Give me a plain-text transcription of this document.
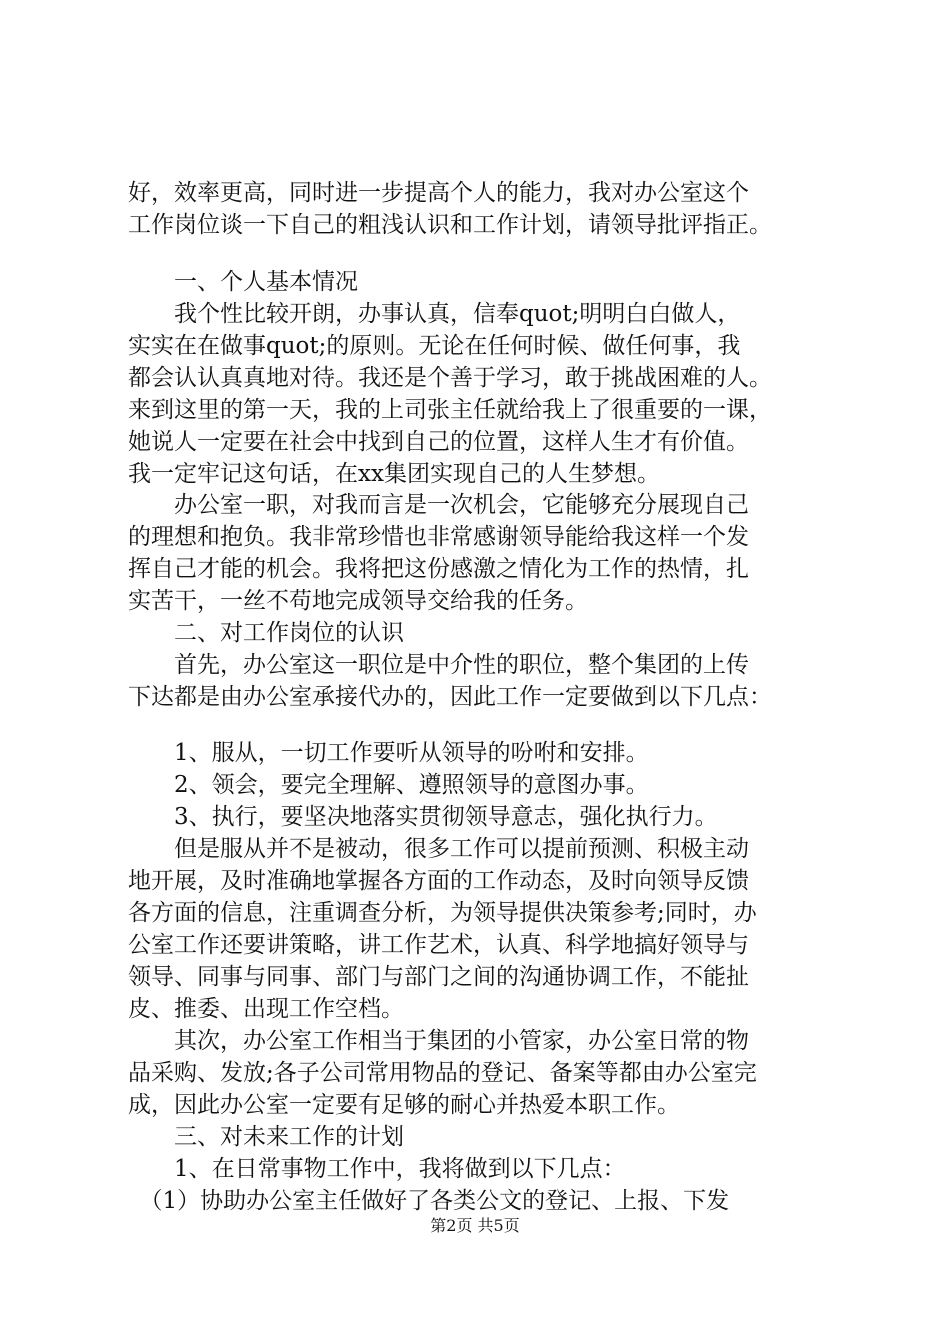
好，效率更高，同时进一步提高个人的能力，我对办公室这个
工作岗位谈一下自己的粗浅认识和工作计划，请领导批评指正。
　　一、个人基本情况
　　我个性比较开朗，办事认真，信奉quot;明明白白做人，
实实在在做事quot;的原则。无论在任何时候、做任何事，我
都会认认真真地对待。我还是个善于学习，敢于挑战困难的人。
来到这里的第一天，我的上司张主任就给我上了很重要的一课，
她说人一定要在社会中找到自己的位置，这样人生才有价值。
我一定牢记这句话，在xx集团实现自己的人生梦想。
　　办公室一职，对我而言是一次机会，它能够充分展现自己
的理想和抱负。我非常珍惜也非常感谢领导能给我这样一个发
挥自己才能的机会。我将把这份感激之情化为工作的热情，扎
实苦干，一丝不苟地完成领导交给我的任务。
　　二、对工作岗位的认识
　　首先，办公室这一职位是中介性的职位，整个集团的上传
下达都是由办公室承接代办的，因此工作一定要做到以下几点：
　　1、服从，一切工作要听从领导的吩咐和安排。
　　2、领会，要完全理解、遵照领导的意图办事。
　　3、执行，要坚决地落实贯彻领导意志，强化执行力。
　　但是服从并不是被动，很多工作可以提前预测、积极主动
地开展，及时准确地掌握各方面的工作动态，及时向领导反馈
各方面的信息，注重调查分析，为领导提供决策参考;同时，办
公室工作还要讲策略，讲工作艺术，认真、科学地搞好领导与
领导、同事与同事、部门与部门之间的沟通协调工作，不能扯
皮、推委、出现工作空档。
　　其次，办公室工作相当于集团的小管家，办公室日常的物
品采购、发放;各子公司常用物品的登记、备案等都由办公室完
成，因此办公室一定要有足够的耐心并热爱本职工作。
　　三、对未来工作的计划
　　1、在日常事物工作中，我将做到以下几点：
　（1）协助办公室主任做好了各类公文的登记、上报、下发
第2页 共5页
